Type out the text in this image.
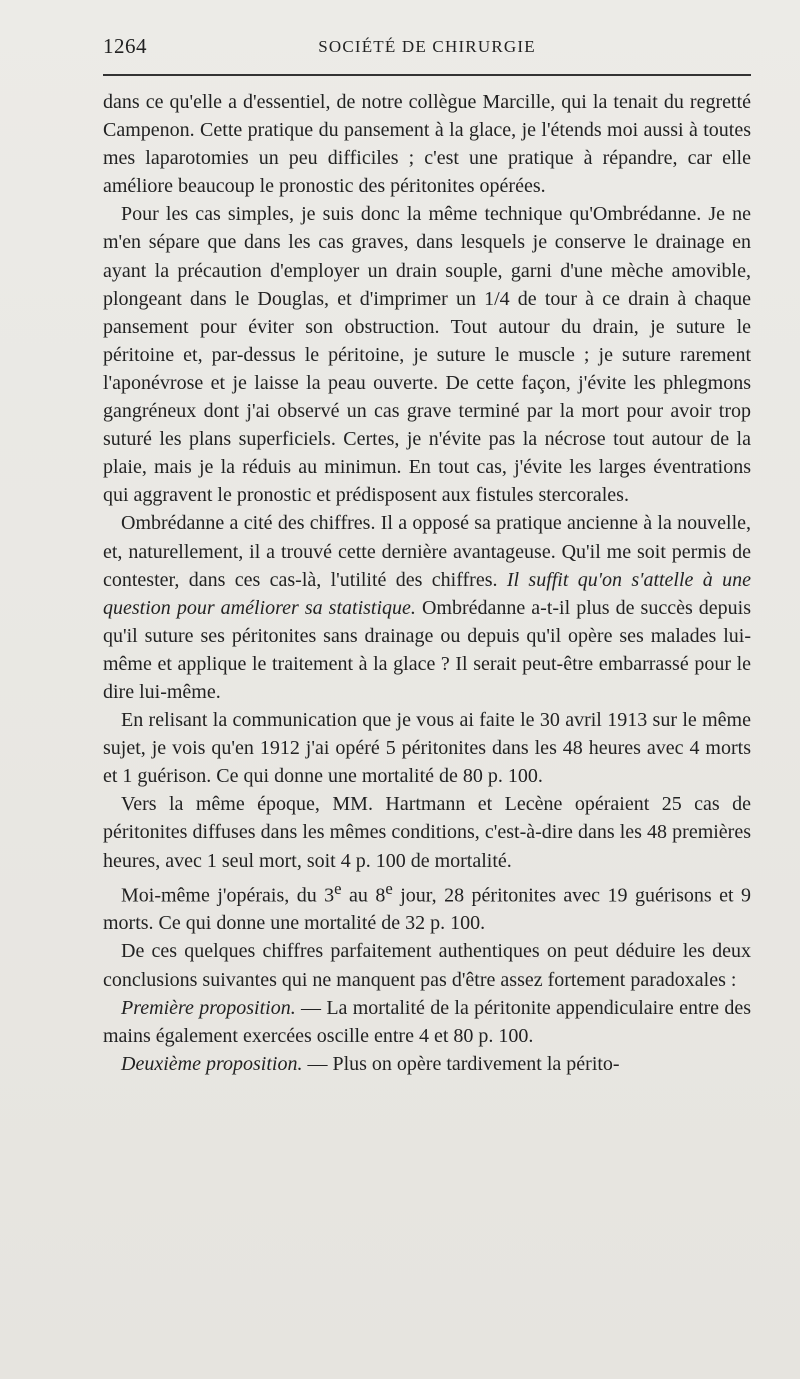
1264	SOCIÉTÉ DE CHIRURGIE

dans ce qu'elle a d'essentiel, de notre collègue Marcille, qui la tenait du regretté Campenon. Cette pratique du pansement à la glace, je l'étends moi aussi à toutes mes laparotomies un peu difficiles ; c'est une pratique à répandre, car elle améliore beaucoup le pronostic des péritonites opérées.

Pour les cas simples, je suis donc la même technique qu'Ombrédanne. Je ne m'en sépare que dans les cas graves, dans lesquels je conserve le drainage en ayant la précaution d'employer un drain souple, garni d'une mèche amovible, plongeant dans le Douglas, et d'imprimer un 1/4 de tour à ce drain à chaque pansement pour éviter son obstruction. Tout autour du drain, je suture le péritoine et, par-dessus le péritoine, je suture le muscle ; je suture rarement l'aponévrose et je laisse la peau ouverte. De cette façon, j'évite les phlegmons gangréneux dont j'ai observé un cas grave terminé par la mort pour avoir trop suturé les plans superficiels. Certes, je n'évite pas la nécrose tout autour de la plaie, mais je la réduis au minimun. En tout cas, j'évite les larges éventrations qui aggravent le pronostic et prédisposent aux fistules stercorales.

Ombrédanne a cité des chiffres. Il a opposé sa pratique ancienne à la nouvelle, et, naturellement, il a trouvé cette dernière avantageuse. Qu'il me soit permis de contester, dans ces cas-là, l'utilité des chiffres. Il suffit qu'on s'attelle à une question pour améliorer sa statistique. Ombrédanne a-t-il plus de succès depuis qu'il suture ses péritonites sans drainage ou depuis qu'il opère ses malades lui-même et applique le traitement à la glace ? Il serait peut-être embarrassé pour le dire lui-même.

En relisant la communication que je vous ai faite le 30 avril 1913 sur le même sujet, je vois qu'en 1912 j'ai opéré 5 péritonites dans les 48 heures avec 4 morts et 1 guérison. Ce qui donne une mortalité de 80 p. 100.

Vers la même époque, MM. Hartmann et Lecène opéraient 25 cas de péritonites diffuses dans les mêmes conditions, c'est-à-dire dans les 48 premières heures, avec 1 seul mort, soit 4 p. 100 de mortalité.

Moi-même j'opérais, du 3e au 8e jour, 28 péritonites avec 19 guérisons et 9 morts. Ce qui donne une mortalité de 32 p. 100.

De ces quelques chiffres parfaitement authentiques on peut déduire les deux conclusions suivantes qui ne manquent pas d'être assez fortement paradoxales :

Première proposition. — La mortalité de la péritonite appendiculaire entre des mains également exercées oscille entre 4 et 80 p. 100.

Deuxième proposition. — Plus on opère tardivement la périto-
